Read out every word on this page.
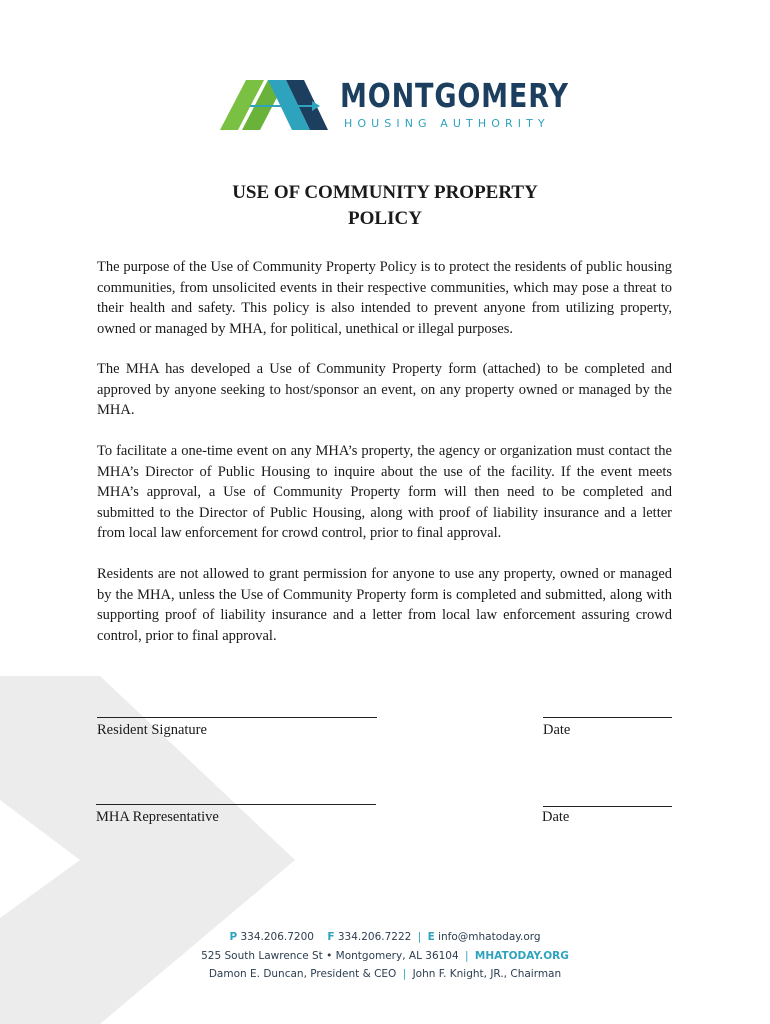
MONTGOMERY
HOUSING AUTHORITY
USE OF COMMUNITY PROPERTY
POLICY

The purpose of the Use of Community Property Policy is to protect the residents of public housing communities, from unsolicited events in their respective communities, which may pose a threat to their health and safety. This policy is also intended to prevent anyone from utilizing property, owned or managed by MHA, for political, unethical or illegal purposes.

The MHA has developed a Use of Community Property form (attached) to be completed and approved by anyone seeking to host/sponsor an event, on any property owned or managed by the MHA.

To facilitate a one-time event on any MHA’s property, the agency or organization must contact the MHA’s Director of Public Housing to inquire about the use of the facility. If the event meets MHA’s approval, a Use of Community Property form will then need to be completed and submitted to the Director of Public Housing, along with proof of liability insurance and a letter from local law enforcement for crowd control, prior to final approval.

Residents are not allowed to grant permission for anyone to use any property, owned or managed by the MHA, unless the Use of Community Property form is completed and submitted, along with supporting proof of liability insurance and a letter from local law enforcement assuring crowd control, prior to final approval.

Resident Signature	Date
MHA Representative	Date
P 334.206.7200 F 334.206.7222 | E info@mhatoday.org
525 South Lawrence St • Montgomery, AL 36104 | MHATODAY.ORG
Damon E. Duncan, President & CEO | John F. Knight, JR., Chairman
